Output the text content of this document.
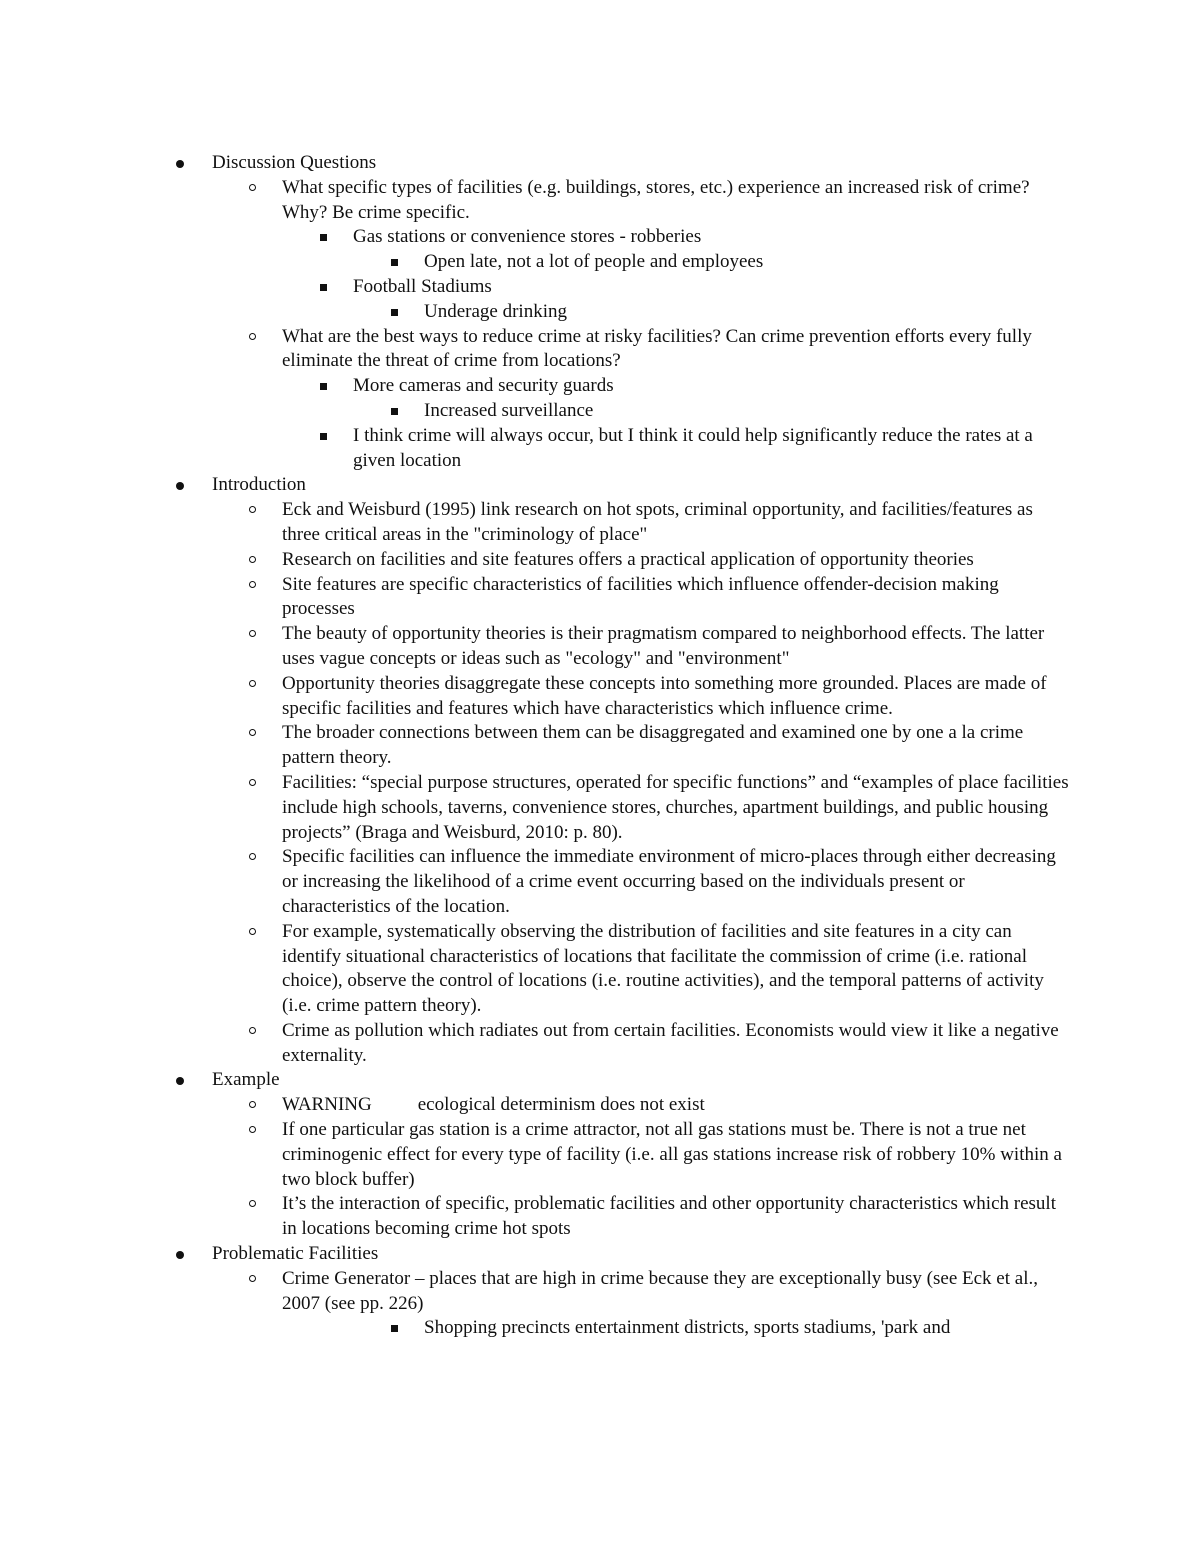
Discussion Questions
What specific types of facilities (e.g. buildings, stores, etc.) experience an increased risk of crime? Why? Be crime specific.
Gas stations or convenience stores - robberies
Open late, not a lot of people and employees
Football Stadiums
Underage drinking
What are the best ways to reduce crime at risky facilities? Can crime prevention efforts every fully eliminate the threat of crime from locations?
More cameras and security guards
Increased surveillance
I think crime will always occur, but I think it could help significantly reduce the rates at a given location
Introduction
Eck and Weisburd (1995) link research on hot spots, criminal opportunity, and facilities/features as three critical areas in the "criminology of place"
Research on facilities and site features offers a practical application of opportunity theories
Site features are specific characteristics of facilities which influence offender-decision making processes
The beauty of opportunity theories is their pragmatism compared to neighborhood effects. The latter uses vague concepts or ideas such as "ecology" and "environment"
Opportunity theories disaggregate these concepts into something more grounded. Places are made of specific facilities and features which have characteristics which influence crime.
The broader connections between them can be disaggregated and examined one by one a la crime pattern theory.
Facilities: “special purpose structures, operated for specific functions” and “examples of place facilities include high schools, taverns, convenience stores, churches, apartment buildings, and public housing projects” (Braga and Weisburd, 2010: p. 80).
Specific facilities can influence the immediate environment of micro-places through either decreasing or increasing the likelihood of a crime event occurring based on the individuals present or characteristics of the location.
For example, systematically observing the distribution of facilities and site features in a city can identify situational characteristics of locations that facilitate the commission of crime (i.e. rational choice), observe the control of locations (i.e. routine activities), and the temporal patterns of activity (i.e. crime pattern theory).
Crime as pollution which radiates out from certain facilities. Economists would view it like a negative externality.
Example
WARNING ecological determinism does not exist
If one particular gas station is a crime attractor, not all gas stations must be. There is not a true net criminogenic effect for every type of facility (i.e. all gas stations increase risk of robbery 10% within a two block buffer)
It’s the interaction of specific, problematic facilities and other opportunity characteristics which result in locations becoming crime hot spots
Problematic Facilities
Crime Generator – places that are high in crime because they are exceptionally busy (see Eck et al., 2007 (see pp. 226)
Shopping precincts entertainment districts, sports stadiums, 'park and
